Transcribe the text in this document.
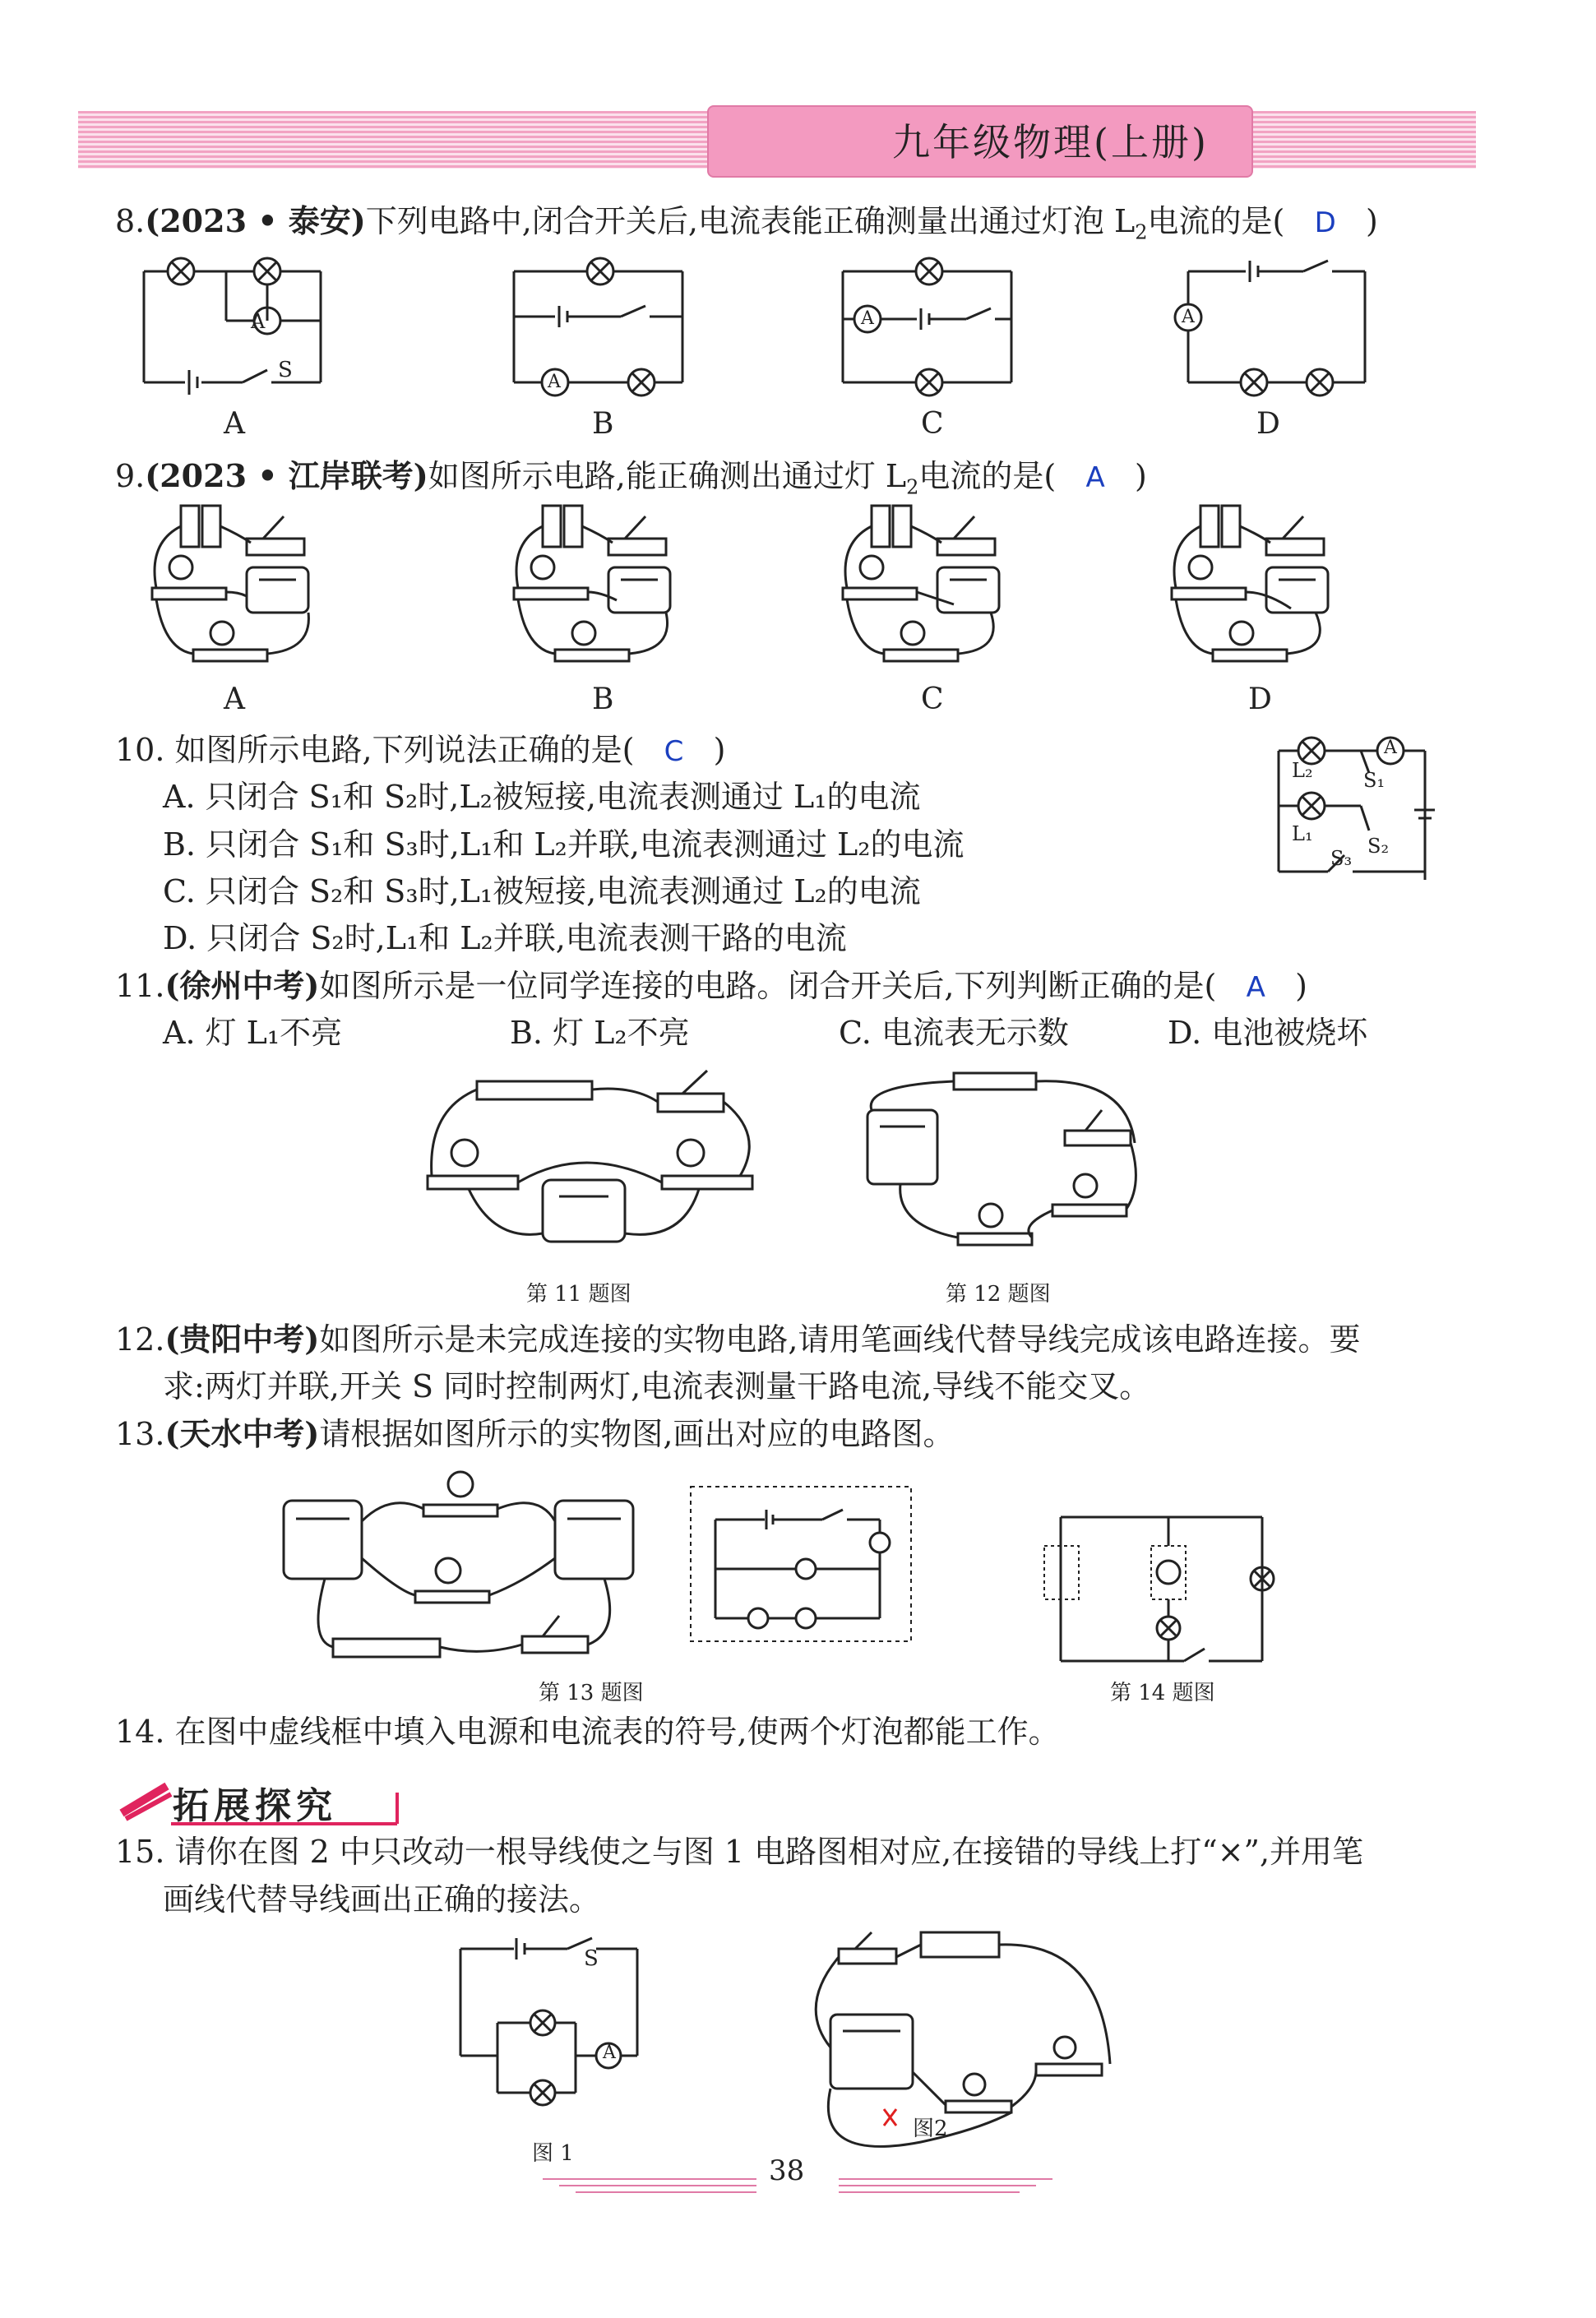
九年级物理(上册)
8.(2023 • 泰安)下列电路中,闭合开关后,电流表能正确测量出通过灯泡 $L_2$电流的是( D )
A
S	A
A	A
A	B	C	D
9.(2023 • 江岸联考)如图所示电路,能正确测出通过灯 $L_2$电流的是( A )
A	B	C	D
10. 如图所示电路,下列说法正确的是( C )
A. 只闭合 S₁和 S₂时,L₂被短接,电流表测通过 L₁的电流
B. 只闭合 S₁和 S₃时,L₁和 L₂并联,电流表测通过 L₂的电流
C. 只闭合 S₂和 S₃时,L₁被短接,电流表测通过 L₂的电流
D. 只闭合 S₂时,L₁和 L₂并联,电流表测干路的电流
A
L₂	S₁
L₁
S₃
S₂
11.(徐州中考)如图所示是一位同学连接的电路。闭合开关后,下列判断正确的是( A )
A. 灯 L₁不亮	B. 灯 L₂不亮	C. 电流表无示数	D. 电池被烧坏
第 11 题图	第 12 题图
12.(贵阳中考)如图所示是未完成连接的实物电路,请用笔画线代替导线完成该电路连接。要
求:两灯并联,开关 S 同时控制两灯,电流表测量干路电流,导线不能交叉。
13.(天水中考)请根据如图所示的实物图,画出对应的电路图。
第 13 题图	第 14 题图
14. 在图中虚线框中填入电源和电流表的符号,使两个灯泡都能工作。
拓展探究
15. 请你在图 2 中只改动一根导线使之与图 1 电路图相对应,在接错的导线上打“×”,并用笔
画线代替导线画出正确的接法。
S
A
图 1
图2
38
